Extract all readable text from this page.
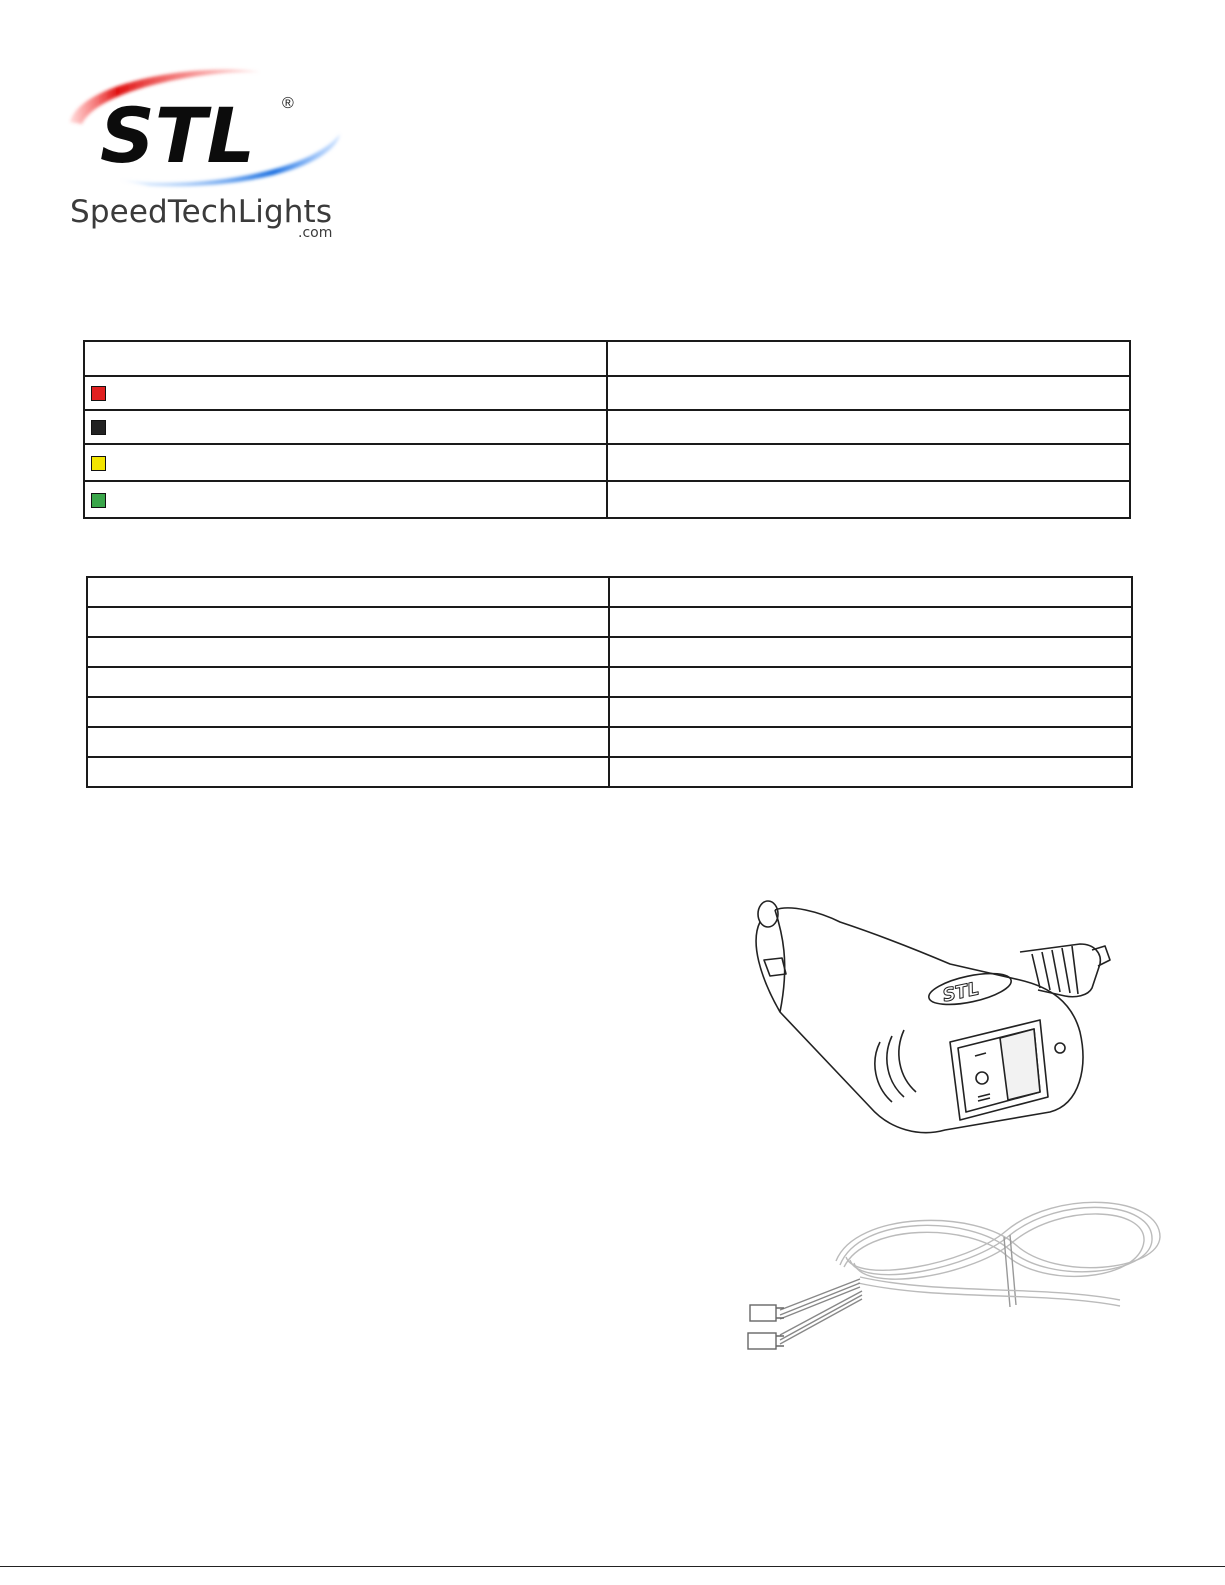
STL ®
SpeedTechLights
.com

STL
